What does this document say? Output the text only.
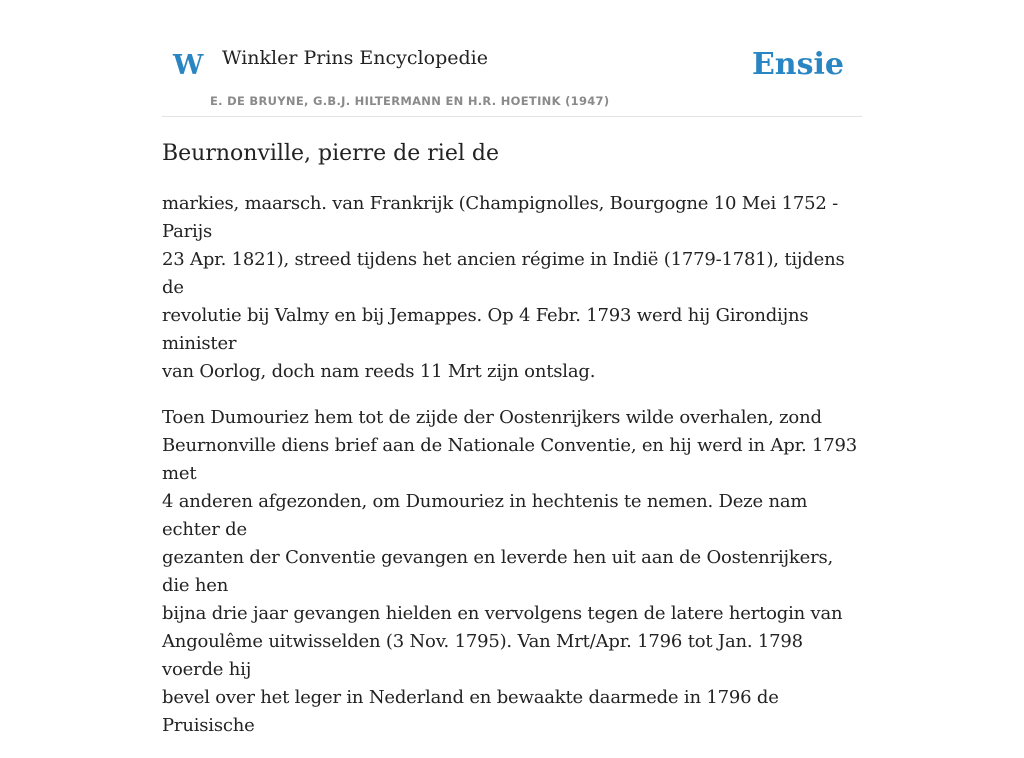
W Winkler Prins Encyclopedie
E. DE BRUYNE, G.B.J. HILTERMANN EN H.R. HOETINK (1947)
Ensie
Beurnonville, pierre de riel de

markies, maarsch. van Frankrijk (Champignolles, Bourgogne 10 Mei 1752 - Parijs
23 Apr. 1821), streed tijdens het ancien régime in Indië (1779-1781), tijdens de
revolutie bij Valmy en bij Jemappes. Op 4 Febr. 1793 werd hij Girondijns minister
van Oorlog, doch nam reeds 11 Mrt zijn ontslag.

Toen Dumouriez hem tot de zijde der Oostenrijkers wilde overhalen, zond
Beurnonville diens brief aan de Nationale Conventie, en hij werd in Apr. 1793 met
4 anderen afgezonden, om Dumouriez in hechtenis te nemen. Deze nam echter de
gezanten der Conventie gevangen en leverde hen uit aan de Oostenrijkers, die hen
bijna drie jaar gevangen hielden en vervolgens tegen de latere hertogin van
Angoulême uitwisselden (3 Nov. 1795). Van Mrt/Apr. 1796 tot Jan. 1798 voerde hij
bevel over het leger in Nederland en bewaakte daarmede in 1796 de Pruisische
